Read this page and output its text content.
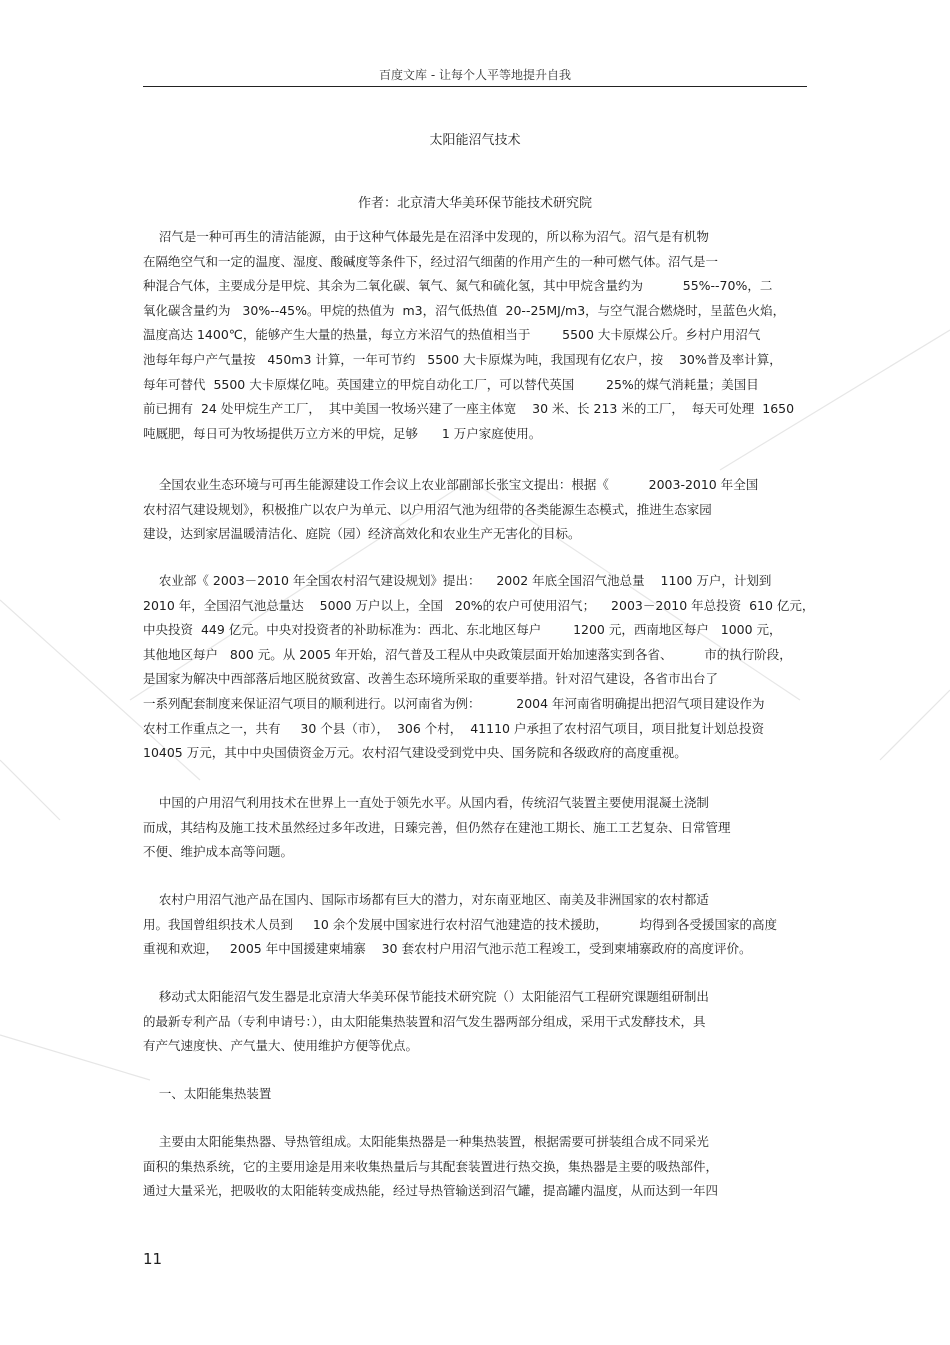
百度文库 - 让每个人平等地提升自我
太阳能沼气技术
作者：北京清大华美环保节能技术研究院
沼气是一种可再生的清洁能源，由于这种气体最先是在沼泽中发现的，所以称为沼气。沼气是有机物
在隔绝空气和一定的温度、湿度、酸碱度等条件下，经过沼气细菌的作用产生的一种可燃气体。沼气是一
种混合气体，主要成分是甲烷、其余为二氧化碳、氧气、氮气和硫化氢，其中甲烷含量约为          55%--70%，二
氧化碳含量约为   30%--45%。甲烷的热值为  m3，沼气低热值  20--25MJ/m3，与空气混合燃烧时，呈蓝色火焰，
温度高达 1400℃，能够产生大量的热量，每立方米沼气的热值相当于        5500 大卡原煤公斤。乡村户用沼气
池每年每户产气量按   450m3 计算，一年可节约   5500 大卡原煤为吨，我国现有亿农户，按    30%普及率计算，
每年可替代  5500 大卡原煤亿吨。英国建立的甲烷自动化工厂，可以替代英国        25%的煤气消耗量；美国目
前已拥有  24 处甲烷生产工厂，  其中美国一牧场兴建了一座主体宽    30 米、长 213 米的工厂，  每天可处理  1650
吨厩肥，每日可为牧场提供万立方米的甲烷，足够      1 万户家庭使用。
全国农业生态环境与可再生能源建设工作会议上农业部副部长张宝文提出：根据《          2003-2010 年全国
农村沼气建设规划》，积极推广以农户为单元、以户用沼气池为纽带的各类能源生态模式，推进生态家园
建设，达到家居温暖清洁化、庭院（园）经济高效化和农业生产无害化的目标。
农业部《 2003－2010 年全国农村沼气建设规划》提出：    2002 年底全国沼气池总量    1100 万户，计划到
2010 年，全国沼气池总量达    5000 万户以上，全国   20%的农户可使用沼气；    2003－2010 年总投资  610 亿元，
中央投资  449 亿元。中央对投资者的补助标准为：西北、东北地区每户        1200 元，西南地区每户   1000 元，
其他地区每户   800 元。从 2005 年开始，沼气普及工程从中央政策层面开始加速落实到各省、        市的执行阶段，
是国家为解决中西部落后地区脱贫致富、改善生态环境所采取的重要举措。针对沼气建设，各省市出台了
一系列配套制度来保证沼气项目的顺利进行。以河南省为例：         2004 年河南省明确提出把沼气项目建设作为
农村工作重点之一，共有     30 个县（市），  306 个村，  41110 户承担了农村沼气项目，项目批复计划总投资
10405 万元，其中中央国债资金万元。农村沼气建设受到党中央、国务院和各级政府的高度重视。
中国的户用沼气利用技术在世界上一直处于领先水平。从国内看，传统沼气装置主要使用混凝土浇制
而成，其结构及施工技术虽然经过多年改进，日臻完善，但仍然存在建池工期长、施工工艺复杂、日常管理
不便、维护成本高等问题。
农村户用沼气池产品在国内、国际市场都有巨大的潜力，对东南亚地区、南美及非洲国家的农村都适
用。我国曾组织技术人员到     10 余个发展中国家进行农村沼气池建造的技术援助，        均得到各受援国家的高度
重视和欢迎，   2005 年中国援建柬埔寨    30 套农村户用沼气池示范工程竣工，受到柬埔寨政府的高度评价。
移动式太阳能沼气发生器是北京清大华美环保节能技术研究院（）太阳能沼气工程研究课题组研制出
的最新专利产品（专利申请号：），由太阳能集热装置和沼气发生器两部分组成，采用干式发酵技术，具
有产气速度快、产气量大、使用维护方便等优点。
一、太阳能集热装置
主要由太阳能集热器、导热管组成。太阳能集热器是一种集热装置，根据需要可拼装组合成不同采光
面积的集热系统，它的主要用途是用来收集热量后与其配套装置进行热交换，集热器是主要的吸热部件，
通过大量采光，把吸收的太阳能转变成热能，经过导热管输送到沼气罐，提高罐内温度，从而达到一年四
11
